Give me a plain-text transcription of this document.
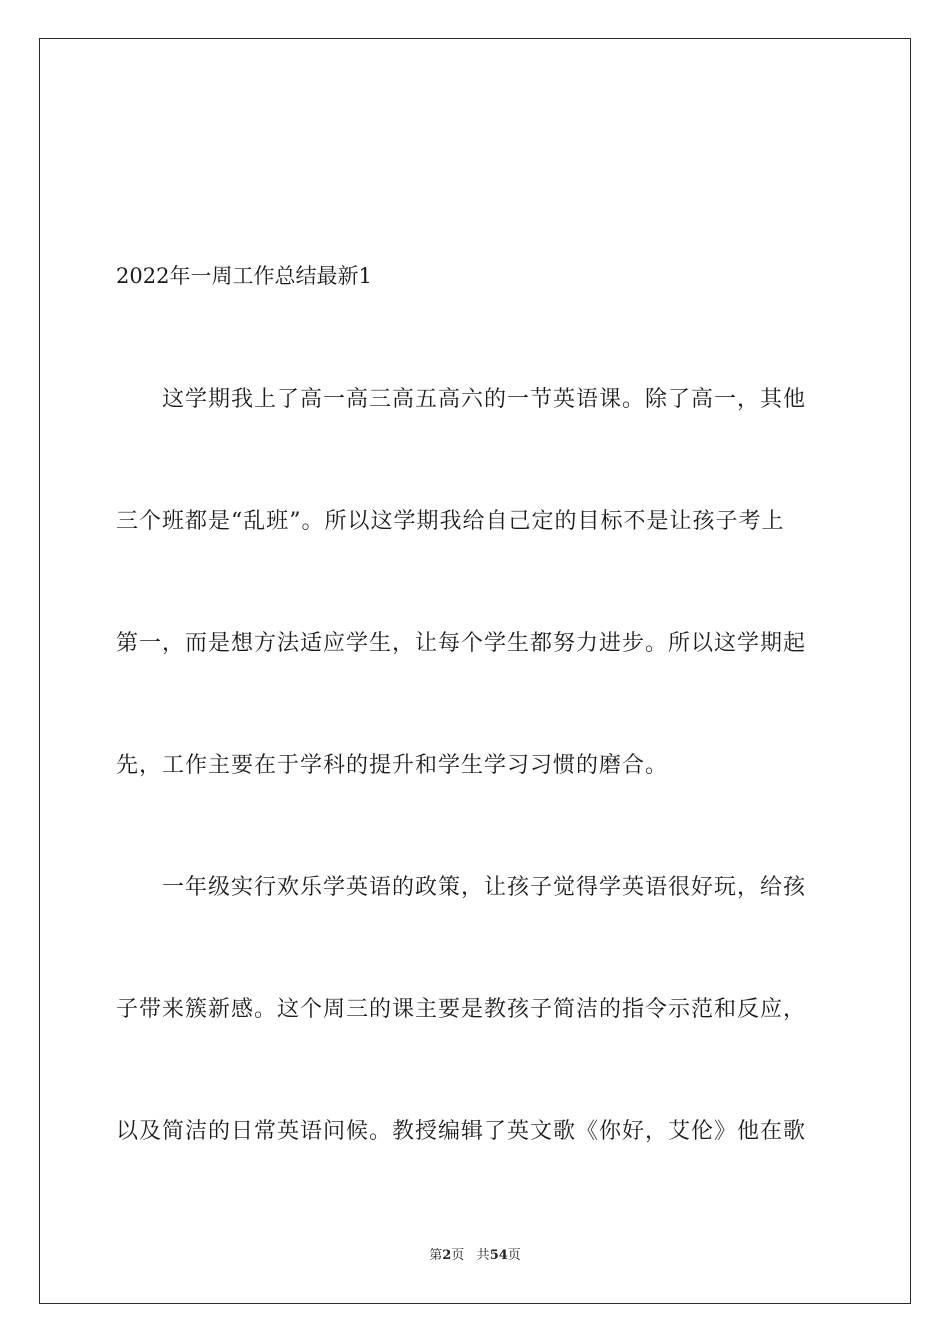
2022年一周工作总结最新1
这学期我上了高一高三高五高六的一节英语课。除了高一，其他
三个班都是“乱班”。所以这学期我给自己定的目标不是让孩子考上
第一，而是想方法适应学生，让每个学生都努力进步。所以这学期起
先，工作主要在于学科的提升和学生学习习惯的磨合。
一年级实行欢乐学英语的政策，让孩子觉得学英语很好玩，给孩
子带来簇新感。这个周三的课主要是教孩子简洁的指令示范和反应，
以及简洁的日常英语问候。教授编辑了英文歌《你好，艾伦》他在歌
第2页 共54页
